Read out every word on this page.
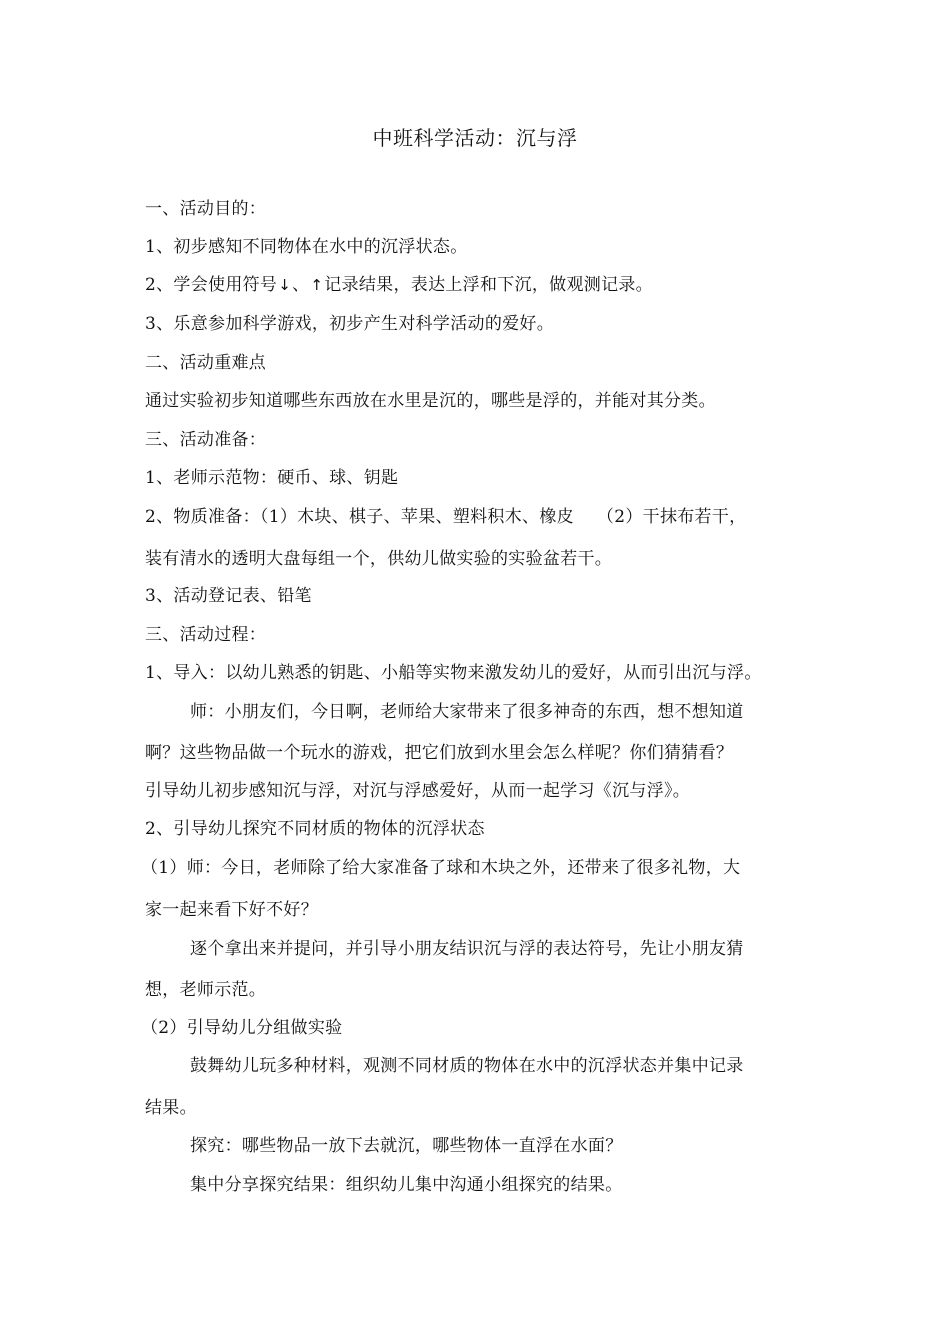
中班科学活动：沉与浮
一、活动目的：
1、初步感知不同物体在水中的沉浮状态。
2、学会使用符号↓、↑记录结果，表达上浮和下沉，做观测记录。
3、乐意参加科学游戏，初步产生对科学活动的爱好。
二、活动重难点
通过实验初步知道哪些东西放在水里是沉的，哪些是浮的，并能对其分类。
三、活动准备：
1、老师示范物：硬币、球、钥匙
2、物质准备：（1）木块、棋子、苹果、塑料积木、橡皮　 （2）干抹布若干，
装有清水的透明大盘每组一个，供幼儿做实验的实验盆若干。
3、活动登记表、铅笔
三、活动过程：
1、导入：以幼儿熟悉的钥匙、小船等实物来激发幼儿的爱好，从而引出沉与浮。
师：小朋友们，今日啊，老师给大家带来了很多神奇的东西，想不想知道
啊？这些物品做一个玩水的游戏，把它们放到水里会怎么样呢？你们猜猜看？
引导幼儿初步感知沉与浮，对沉与浮感爱好，从而一起学习《沉与浮》。
2、引导幼儿探究不同材质的物体的沉浮状态
（1）师：今日，老师除了给大家准备了球和木块之外，还带来了很多礼物，大
家一起来看下好不好？
逐个拿出来并提问，并引导小朋友结识沉与浮的表达符号，先让小朋友猜
想，老师示范。
（2）引导幼儿分组做实验
鼓舞幼儿玩多种材料，观测不同材质的物体在水中的沉浮状态并集中记录
结果。
探究：哪些物品一放下去就沉，哪些物体一直浮在水面？
集中分享探究结果：组织幼儿集中沟通小组探究的结果。
